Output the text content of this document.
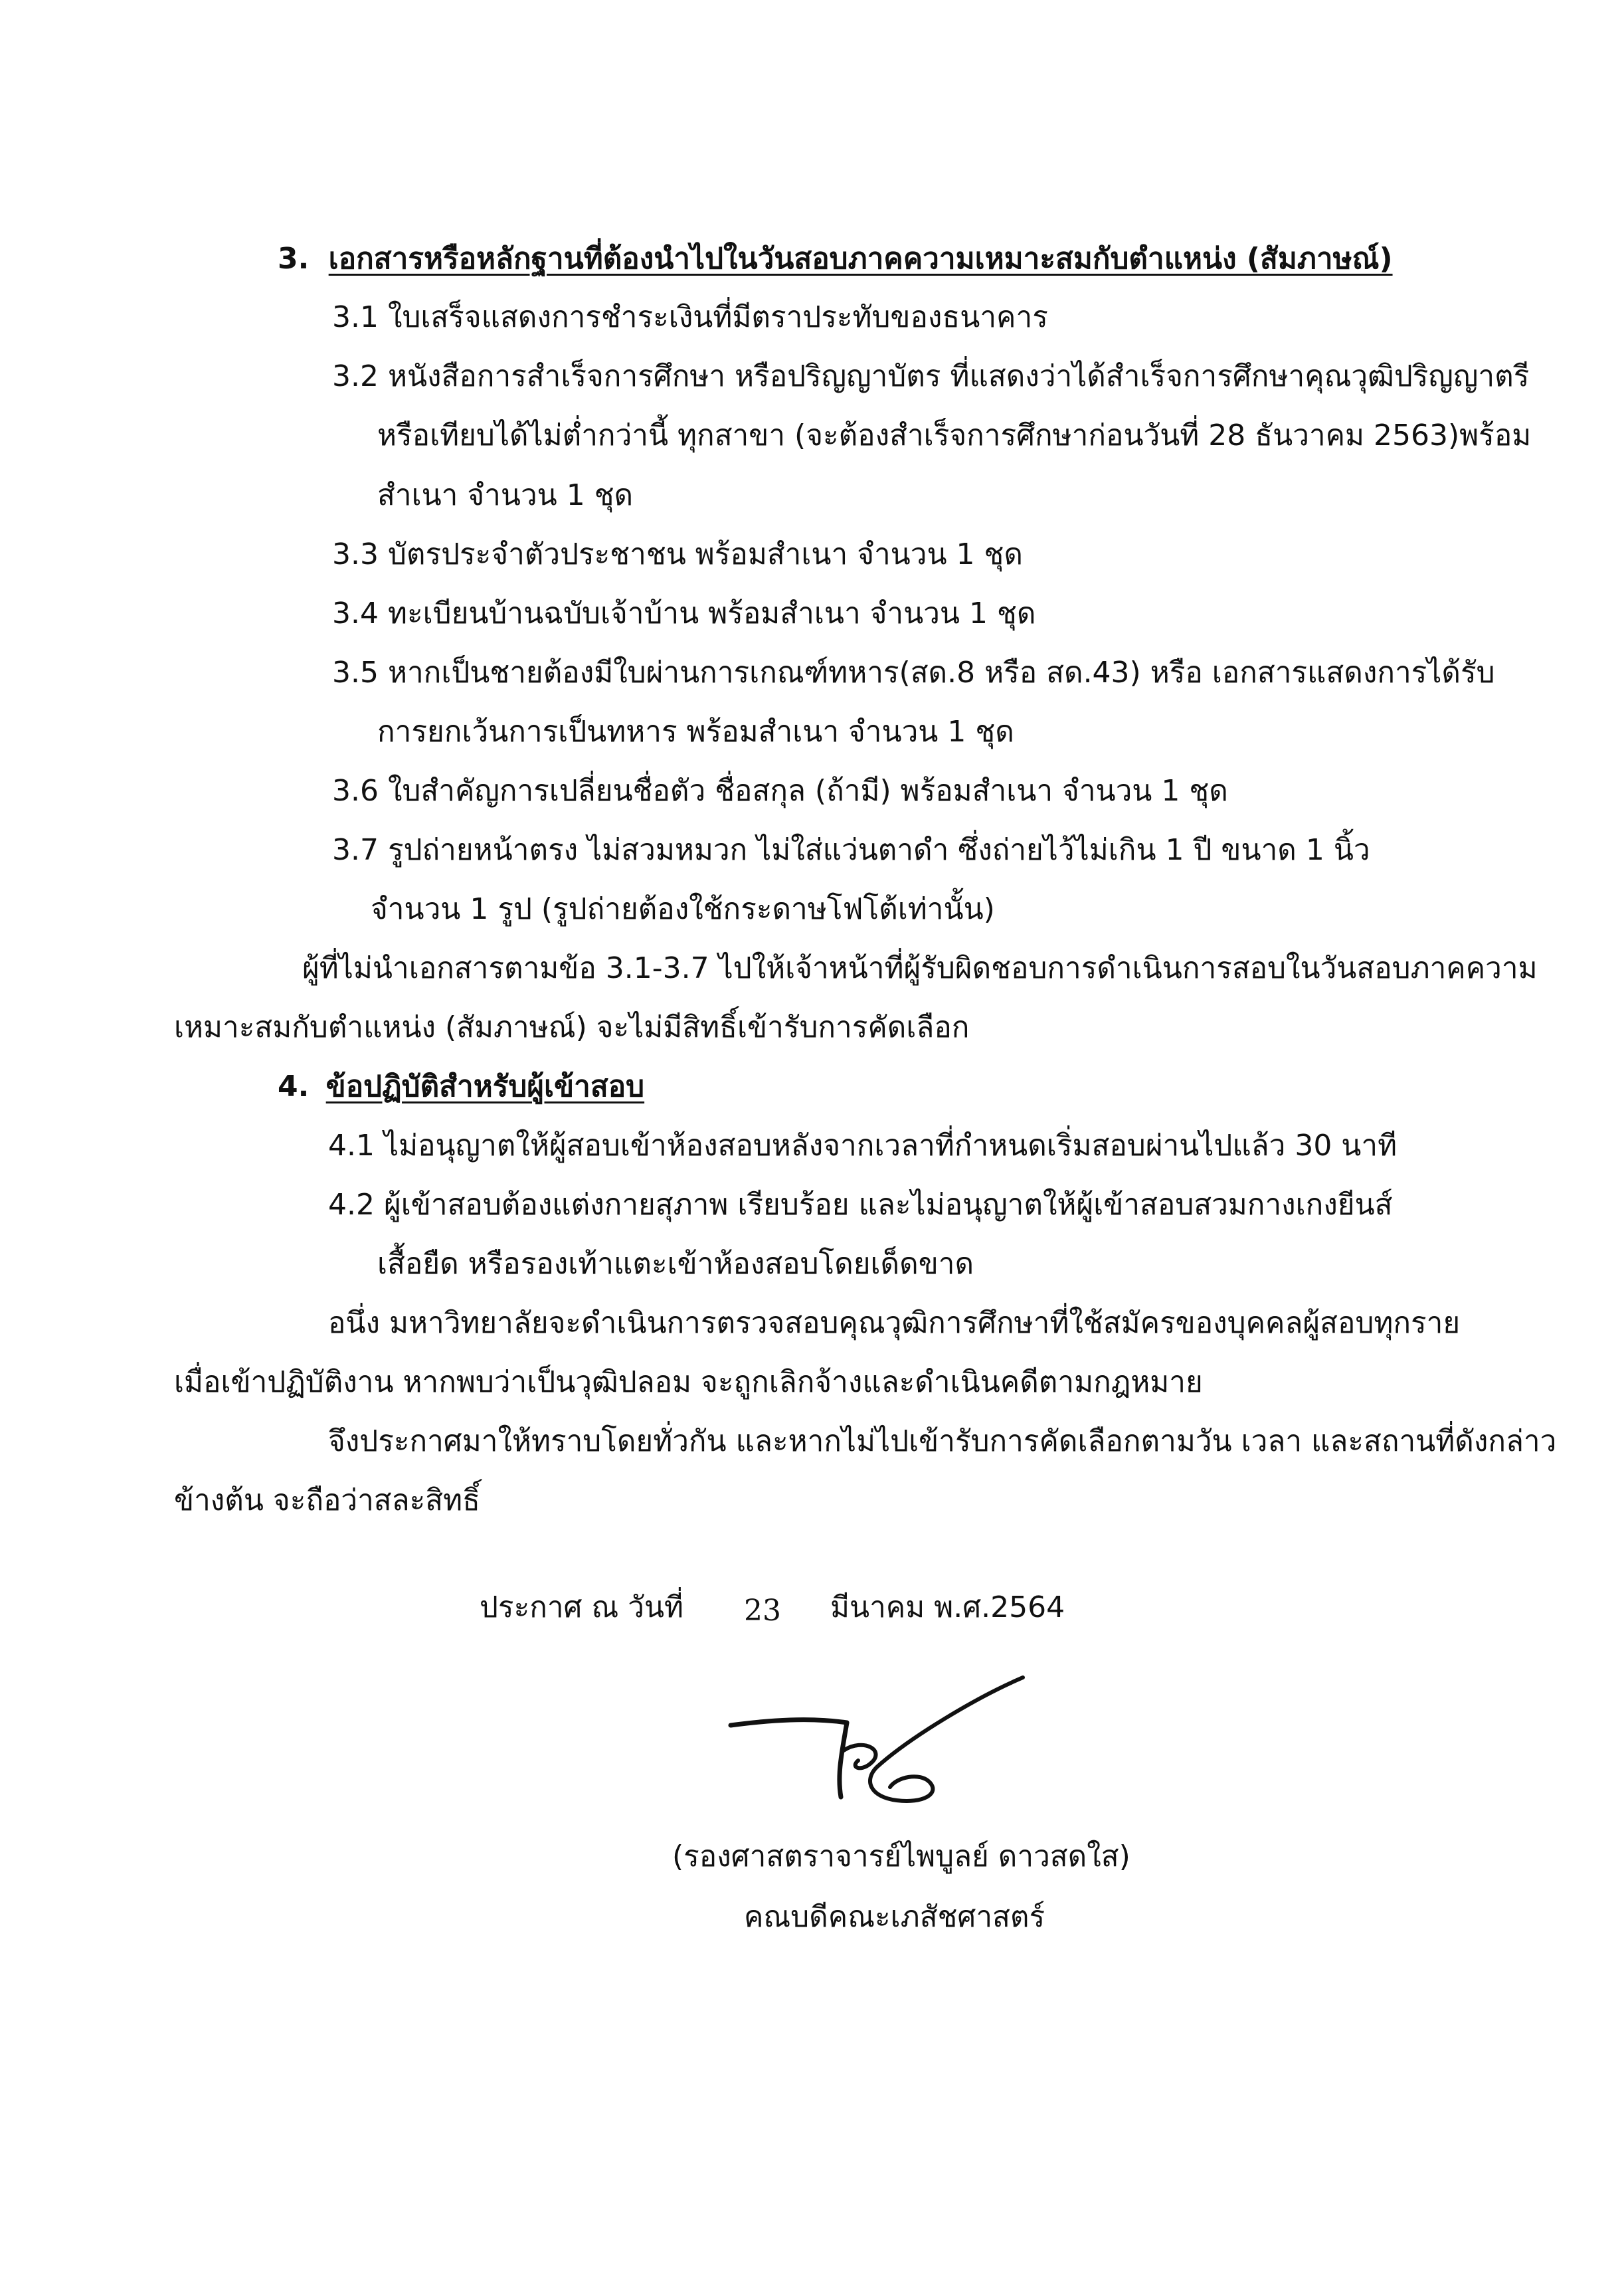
3. เอกสารหรือหลักฐานที่ต้องนำไปในวันสอบภาคความเหมาะสมกับตำแหน่ง (สัมภาษณ์)
3.1 ใบเสร็จแสดงการชำระเงินที่มีตราประทับของธนาคาร
3.2 หนังสือการสำเร็จการศึกษา หรือปริญญาบัตร ที่แสดงว่าได้สำเร็จการศึกษาคุณวุฒิปริญญาตรี
หรือเทียบได้ไม่ต่ำกว่านี้ ทุกสาขา (จะต้องสำเร็จการศึกษาก่อนวันที่ 28 ธันวาคม 2563)พร้อม
สำเนา จำนวน 1 ชุด
3.3 บัตรประจำตัวประชาชน พร้อมสำเนา จำนวน 1 ชุด
3.4 ทะเบียนบ้านฉบับเจ้าบ้าน พร้อมสำเนา จำนวน 1 ชุด
3.5 หากเป็นชายต้องมีใบผ่านการเกณฑ์ทหาร(สด.8 หรือ สด.43) หรือ เอกสารแสดงการได้รับ
การยกเว้นการเป็นทหาร พร้อมสำเนา จำนวน 1 ชุด
3.6 ใบสำคัญการเปลี่ยนชื่อตัว ชื่อสกุล (ถ้ามี) พร้อมสำเนา จำนวน 1 ชุด
3.7 รูปถ่ายหน้าตรง ไม่สวมหมวก ไม่ใส่แว่นตาดำ ซึ่งถ่ายไว้ไม่เกิน 1 ปี ขนาด 1 นิ้ว
จำนวน 1 รูป (รูปถ่ายต้องใช้กระดาษโฟโต้เท่านั้น)
ผู้ที่ไม่นำเอกสารตามข้อ 3.1-3.7 ไปให้เจ้าหน้าที่ผู้รับผิดชอบการดำเนินการสอบในวันสอบภาคความ
เหมาะสมกับตำแหน่ง (สัมภาษณ์) จะไม่มีสิทธิ์เข้ารับการคัดเลือก
4. ข้อปฏิบัติสำหรับผู้เข้าสอบ
4.1 ไม่อนุญาตให้ผู้สอบเข้าห้องสอบหลังจากเวลาที่กำหนดเริ่มสอบผ่านไปแล้ว 30 นาที
4.2 ผู้เข้าสอบต้องแต่งกายสุภาพ เรียบร้อย และไม่อนุญาตให้ผู้เข้าสอบสวมกางเกงยีนส์
เสื้อยืด หรือรองเท้าแตะเข้าห้องสอบโดยเด็ดขาด
อนึ่ง มหาวิทยาลัยจะดำเนินการตรวจสอบคุณวุฒิการศึกษาที่ใช้สมัครของบุคคลผู้สอบทุกราย
เมื่อเข้าปฏิบัติงาน หากพบว่าเป็นวุฒิปลอม จะถูกเลิกจ้างและดำเนินคดีตามกฎหมาย
จึงประกาศมาให้ทราบโดยทั่วกัน และหากไม่ไปเข้ารับการคัดเลือกตามวัน เวลา และสถานที่ดังกล่าว
ข้างต้น จะถือว่าสละสิทธิ์
ประกาศ ณ วันที่ 23 มีนาคม พ.ศ.2564
(รองศาสตราจารย์ไพบูลย์ ดาวสดใส)
คณบดีคณะเภสัชศาสตร์
